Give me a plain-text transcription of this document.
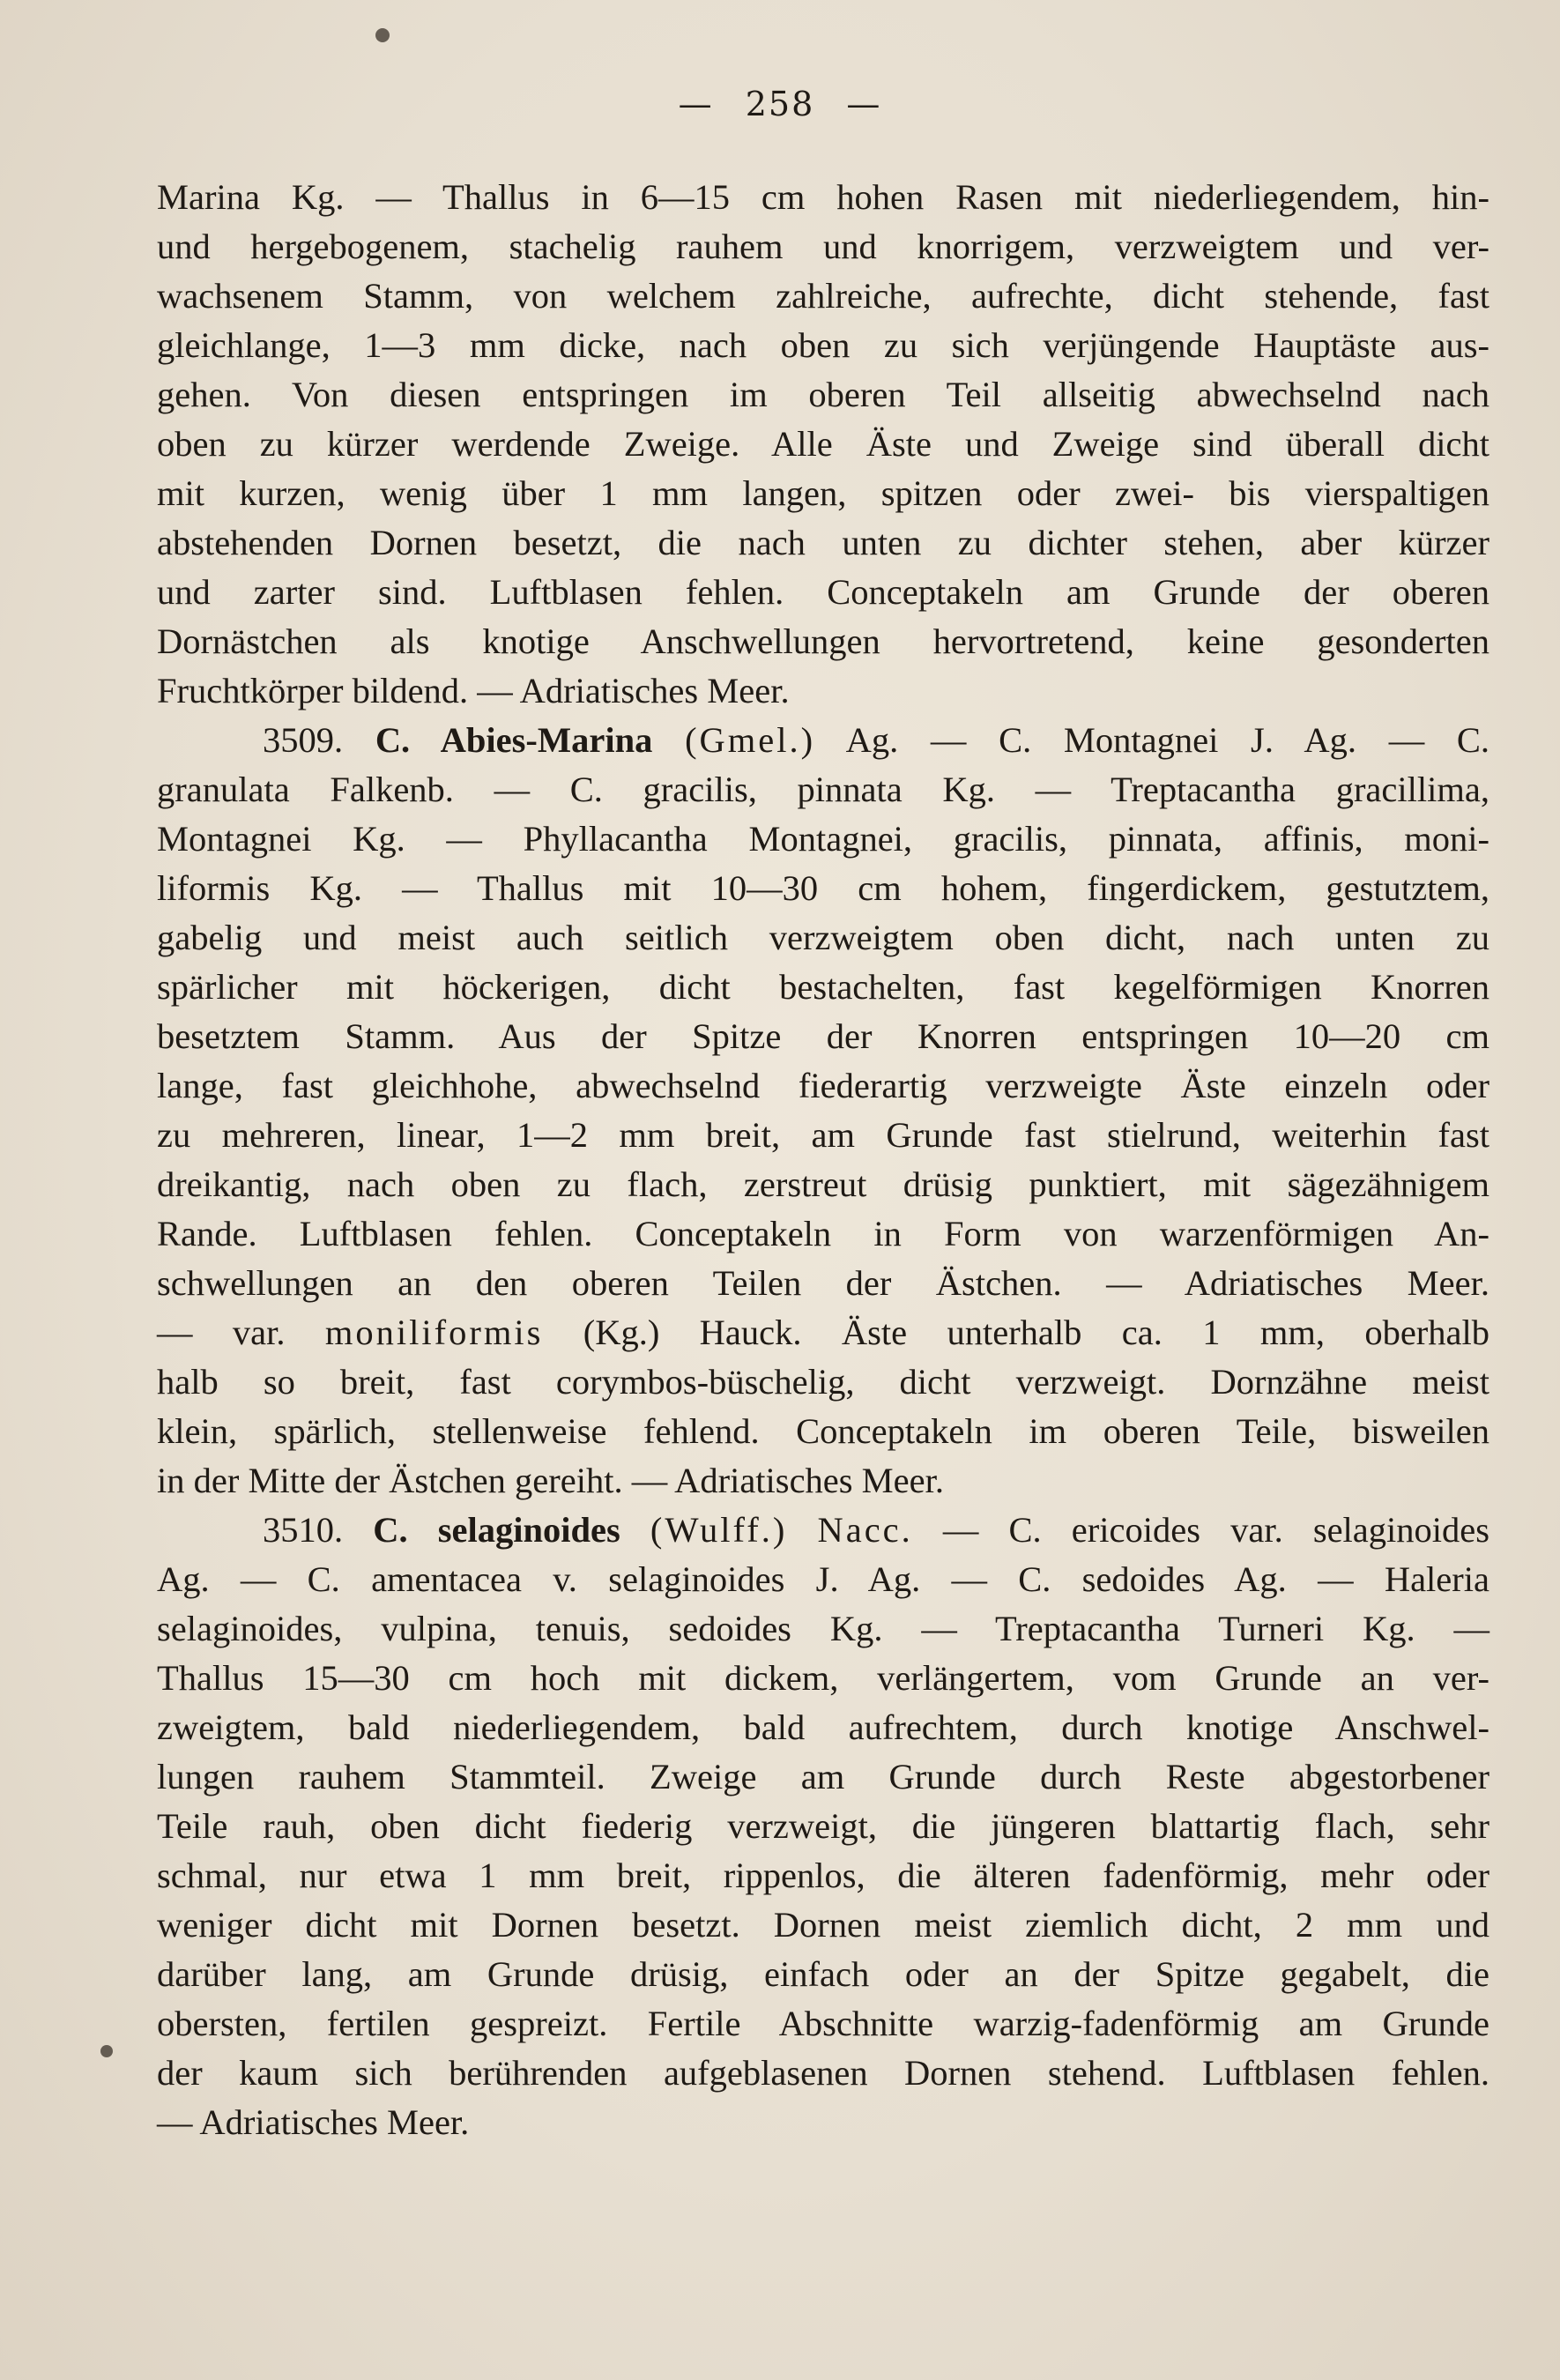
— 258 —
Marina Kg. — Thallus in 6—15 cm hohen Rasen mit niederliegendem, hin-
und hergebogenem, stachelig rauhem und knorrigem, verzweigtem und ver-
wachsenem Stamm, von welchem zahlreiche, aufrechte, dicht stehende, fast
gleichlange, 1—3 mm dicke, nach oben zu sich verjüngende Hauptäste aus-
gehen. Von diesen entspringen im oberen Teil allseitig abwechselnd nach
oben zu kürzer werdende Zweige. Alle Äste und Zweige sind überall dicht
mit kurzen, wenig über 1 mm langen, spitzen oder zwei- bis vierspaltigen
abstehenden Dornen besetzt, die nach unten zu dichter stehen, aber kürzer
und zarter sind. Luftblasen fehlen. Conceptakeln am Grunde der oberen
Dornästchen als knotige Anschwellungen hervortretend, keine gesonderten
Fruchtkörper bildend. — Adriatisches Meer.
3509. C. Abies-Marina (Gmel.) Ag. — C. Montagnei J. Ag. — C.
granulata Falkenb. — C. gracilis, pinnata Kg. — Treptacantha gracillima,
Montagnei Kg. — Phyllacantha Montagnei, gracilis, pinnata, affinis, moni-
liformis Kg. — Thallus mit 10—30 cm hohem, fingerdickem, gestutztem,
gabelig und meist auch seitlich verzweigtem oben dicht, nach unten zu
spärlicher mit höckerigen, dicht bestachelten, fast kegelförmigen Knorren
besetztem Stamm. Aus der Spitze der Knorren entspringen 10—20 cm
lange, fast gleichhohe, abwechselnd fiederartig verzweigte Äste einzeln oder
zu mehreren, linear, 1—2 mm breit, am Grunde fast stielrund, weiterhin fast
dreikantig, nach oben zu flach, zerstreut drüsig punktiert, mit sägezähnigem
Rande. Luftblasen fehlen. Conceptakeln in Form von warzenförmigen An-
schwellungen an den oberen Teilen der Ästchen. — Adriatisches Meer.
— var. moniliformis (Kg.) Hauck. Äste unterhalb ca. 1 mm, oberhalb
halb so breit, fast corymbos-büschelig, dicht verzweigt. Dornzähne meist
klein, spärlich, stellenweise fehlend. Conceptakeln im oberen Teile, bisweilen
in der Mitte der Ästchen gereiht. — Adriatisches Meer.
3510. C. selaginoides (Wulff.) Nacc. — C. ericoides var. selaginoides
Ag. — C. amentacea v. selaginoides J. Ag. — C. sedoides Ag. — Haleria
selaginoides, vulpina, tenuis, sedoides Kg. — Treptacantha Turneri Kg. —
Thallus 15—30 cm hoch mit dickem, verlängertem, vom Grunde an ver-
zweigtem, bald niederliegendem, bald aufrechtem, durch knotige Anschwel-
lungen rauhem Stammteil. Zweige am Grunde durch Reste abgestorbener
Teile rauh, oben dicht fiederig verzweigt, die jüngeren blattartig flach, sehr
schmal, nur etwa 1 mm breit, rippenlos, die älteren fadenförmig, mehr oder
weniger dicht mit Dornen besetzt. Dornen meist ziemlich dicht, 2 mm und
darüber lang, am Grunde drüsig, einfach oder an der Spitze gegabelt, die
obersten, fertilen gespreizt. Fertile Abschnitte warzig-fadenförmig am Grunde
der kaum sich berührenden aufgeblasenen Dornen stehend. Luftblasen fehlen.
— Adriatisches Meer.
